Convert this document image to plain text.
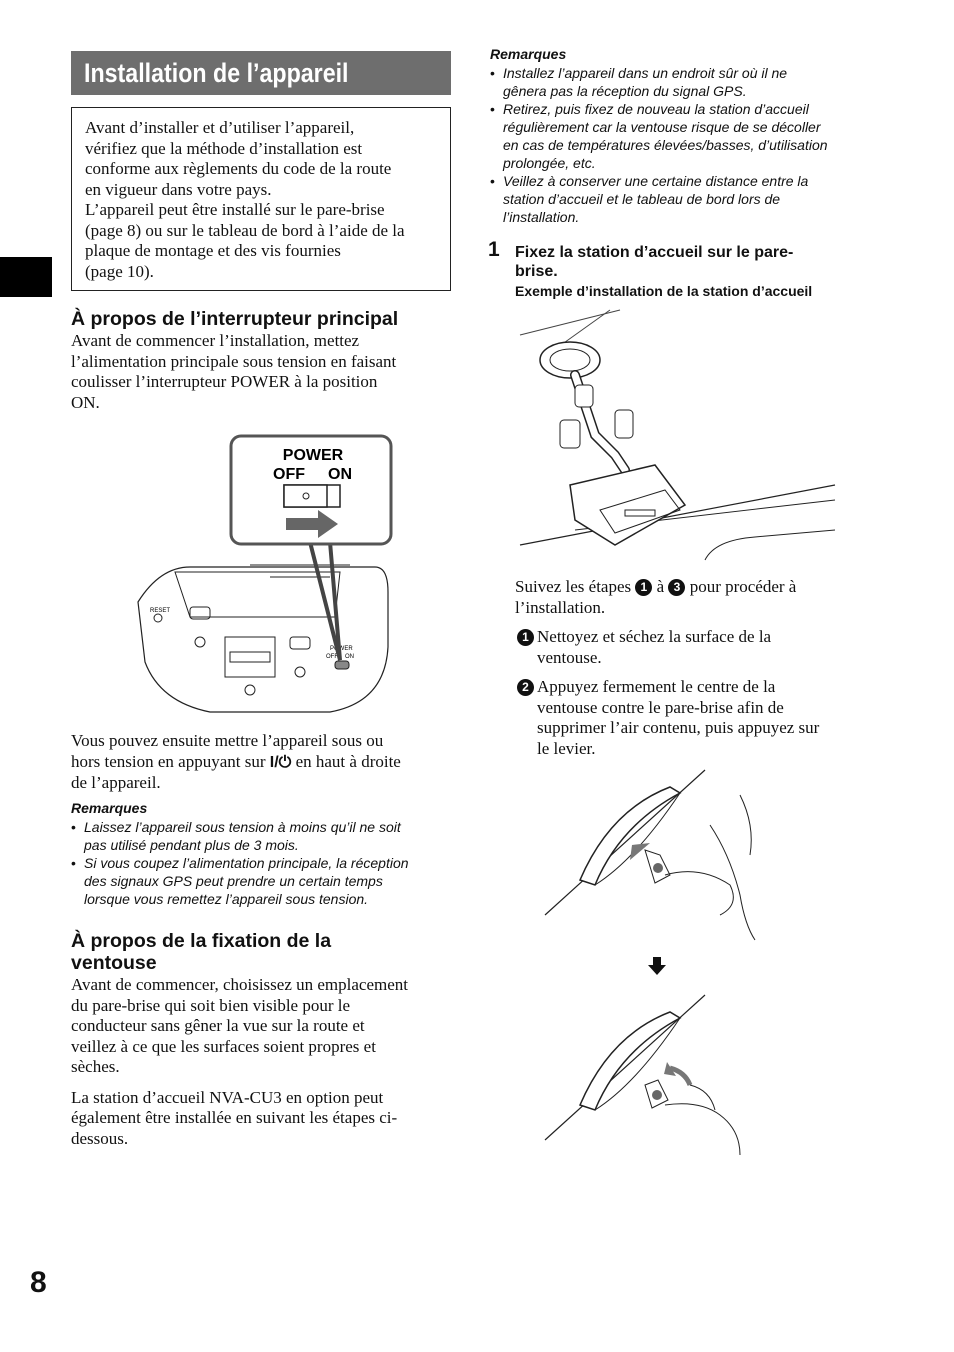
Installation de l’appareil

Avant d’installer et d’utiliser l’appareil,

vérifiez que la méthode d’installation est

conforme aux règlements du code de la route

en vigueur dans votre pays.

L’appareil peut être installé sur le pare-brise

(page 8) ou sur le tableau de bord à l’aide de la

plaque de montage et des vis fournies

(page 10).

À propos de l’interrupteur principal

Avant de commencer l’installation, mettez

l’alimentation principale sous tension en faisant

coulisser l’interrupteur POWER à la position

ON.

RESET
POWER
OFF ON
POWER
OFF ON

Vous pouvez ensuite mettre l’appareil sous ou

hors tension en appuyant sur I/⏻ en haut à droite

de l’appareil.

Remarques
• Laissez l’appareil sous tension à moins qu’il ne soit
pas utilisé pendant plus de 3 mois.
• Si vous coupez l’alimentation principale, la réception
des signaux GPS peut prendre un certain temps
lorsque vous remettez l’appareil sous tension.
À propos de la fixation de la
ventouse

Avant de commencer, choisissez un emplacement

du pare-brise qui soit bien visible pour le

conducteur sans gêner la vue sur la route et

veillez à ce que les surfaces soient propres et

sèches.

La station d’accueil NVA-CU3 en option peut

également être installée en suivant les étapes ci-

dessous.

Remarques
• Installez l’appareil dans un endroit sûr où il ne
gênera pas la réception du signal GPS.
• Retirez, puis fixez de nouveau la station d’accueil
régulièrement car la ventouse risque de se décoller
en cas de températures élevées/basses, d’utilisation
prolongée, etc.
• Veillez à conserver une certaine distance entre la
station d’accueil et le tableau de bord lors de
l’installation.
1 Fixez la station d’accueil sur le pare-
brise.
Exemple d’installation de la station d’accueil

Suivez les étapes 1 à 3 pour procéder à

l’installation.

1 Nettoyez et séchez la surface de la

ventouse.

2 Appuyez fermement le centre de la

ventouse contre le pare-brise afin de

supprimer l’air contenu, puis appuyez sur

le levier.

8
